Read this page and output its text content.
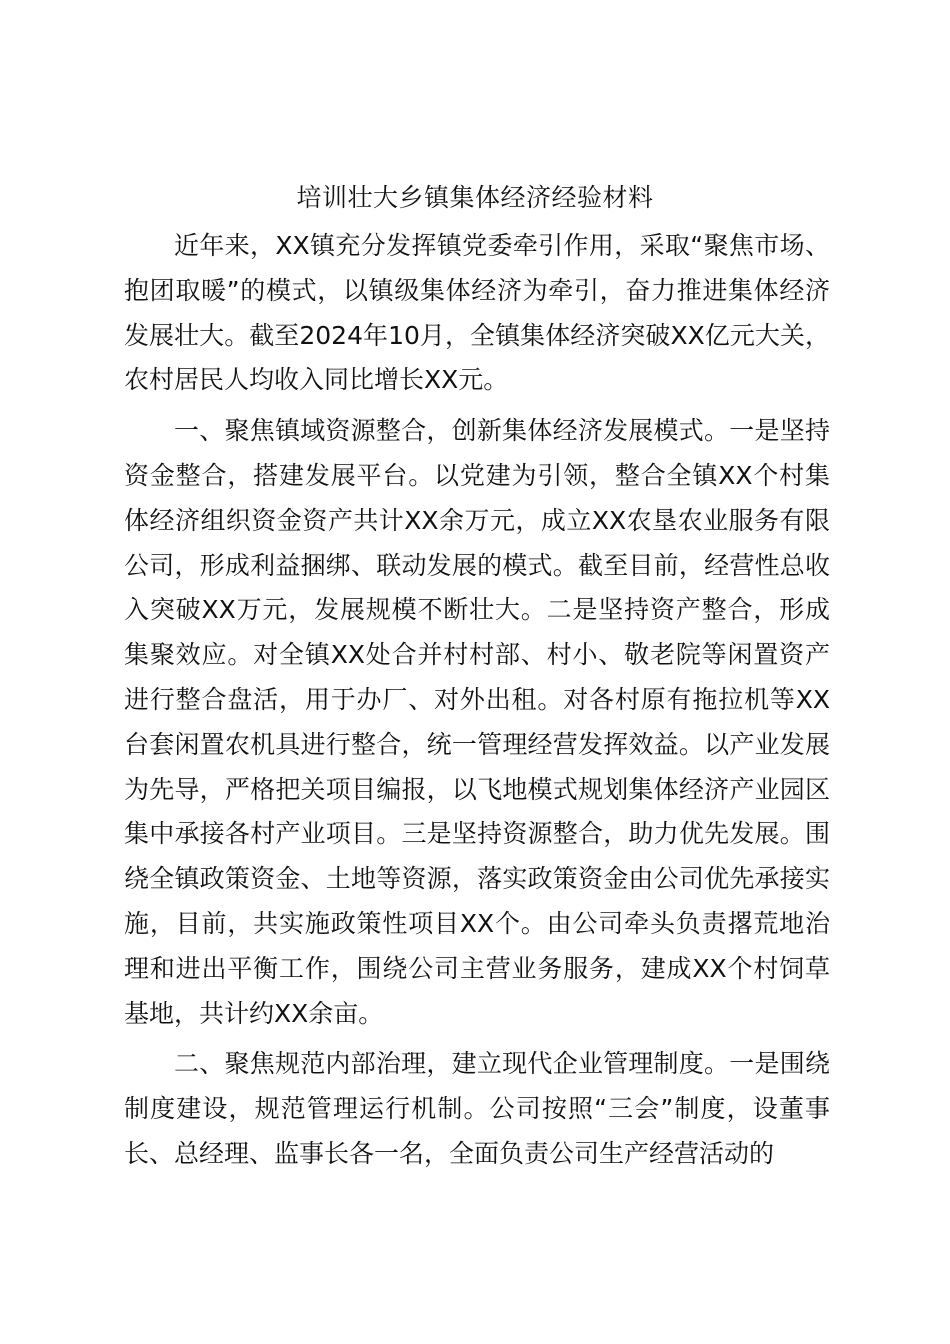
培训壮大乡镇集体经济经验材料

近年来，XX镇充分发挥镇党委牵引作用，采取“聚焦市场、抱团取暖”的模式，以镇级集体经济为牵引，奋力推进集体经济发展壮大。截至2024年10月，全镇集体经济突破XX亿元大关，农村居民人均收入同比增长XX元。

一、聚焦镇域资源整合，创新集体经济发展模式。一是坚持资金整合，搭建发展平台。以党建为引领，整合全镇XX个村集体经济组织资金资产共计XX余万元，成立XX农垦农业服务有限公司，形成利益捆绑、联动发展的模式。截至目前，经营性总收入突破XX万元，发展规模不断壮大。二是坚持资产整合，形成集聚效应。对全镇XX处合并村村部、村小、敬老院等闲置资产进行整合盘活，用于办厂、对外出租。对各村原有拖拉机等XX台套闲置农机具进行整合，统一管理经营发挥效益。以产业发展为先导，严格把关项目编报，以飞地模式规划集体经济产业园区集中承接各村产业项目。三是坚持资源整合，助力优先发展。围绕全镇政策资金、土地等资源，落实政策资金由公司优先承接实施，目前，共实施政策性项目XX个。由公司牵头负责撂荒地治理和进出平衡工作，围绕公司主营业务服务，建成XX个村饲草基地，共计约XX余亩。

二、聚焦规范内部治理，建立现代企业管理制度。一是围绕制度建设，规范管理运行机制。公司按照“三会”制度，设董事长、总经理、监事长各一名，全面负责公司生产经营活动的
